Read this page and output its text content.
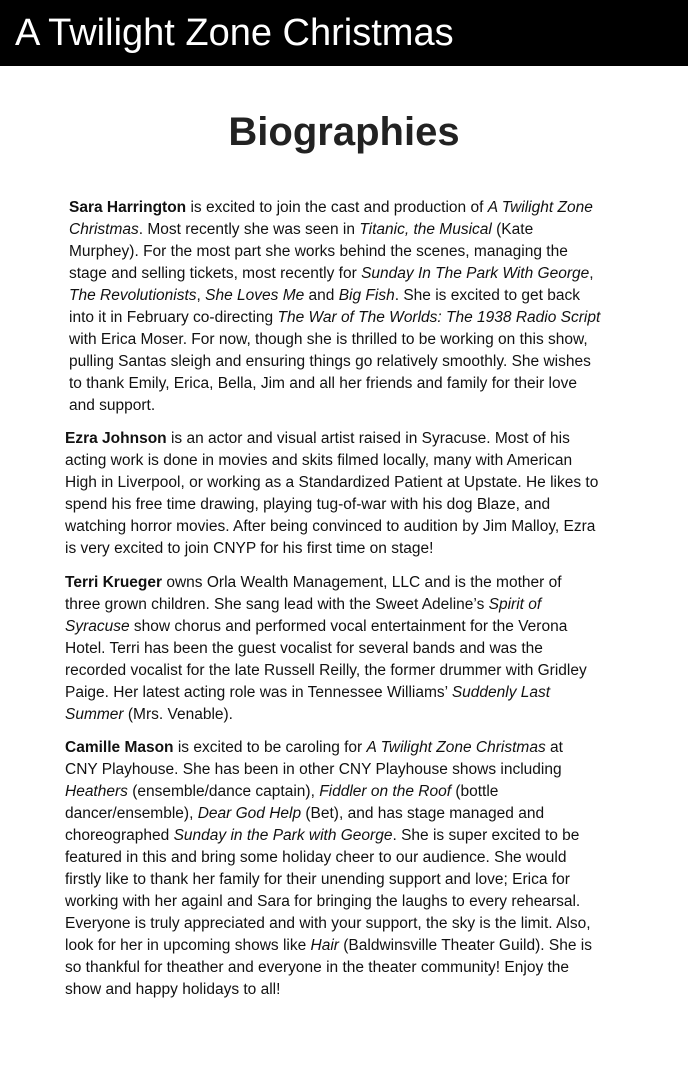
A Twilight Zone Christmas
Biographies

Sara Harrington is excited to join the cast and production of A Twilight Zone
Christmas. Most recently she was seen in Titanic, the Musical (Kate
Murphey). For the most part she works behind the scenes, managing the
stage and selling tickets, most recently for Sunday In The Park With George,
The Revolutionists, She Loves Me and Big Fish. She is excited to get back
into it in February co-directing The War of The Worlds: The 1938 Radio Script
with Erica Moser. For now, though she is thrilled to be working on this show,
pulling Santas sleigh and ensuring things go relatively smoothly. She wishes
to thank Emily, Erica, Bella, Jim and all her friends and family for their love
and support.

Ezra Johnson is an actor and visual artist raised in Syracuse. Most of his
acting work is done in movies and skits filmed locally, many with American
High in Liverpool, or working as a Standardized Patient at Upstate. He likes to
spend his free time drawing, playing tug-of-war with his dog Blaze, and
watching horror movies. After being convinced to audition by Jim Malloy, Ezra
is very excited to join CNYP for his first time on stage!

Terri Krueger owns Orla Wealth Management, LLC and is the mother of
three grown children. She sang lead with the Sweet Adeline’s Spirit of
Syracuse show chorus and performed vocal entertainment for the Verona
Hotel. Terri has been the guest vocalist for several bands and was the
recorded vocalist for the late Russell Reilly, the former drummer with Gridley
Paige. Her latest acting role was in Tennessee Williams’ Suddenly Last
Summer (Mrs. Venable).

Camille Mason is excited to be caroling for A Twilight Zone Christmas at
CNY Playhouse. She has been in other CNY Playhouse shows including
Heathers (ensemble/dance captain), Fiddler on the Roof (bottle
dancer/ensemble), Dear God Help (Bet), and has stage managed and
choreographed Sunday in the Park with George. She is super excited to be
featured in this and bring some holiday cheer to our audience. She would
firstly like to thank her family for their unending support and love; Erica for
working with her againl and Sara for bringing the laughs to every rehearsal.
Everyone is truly appreciated and with your support, the sky is the limit. Also,
look for her in upcoming shows like Hair (Baldwinsville Theater Guild). She is
so thankful for theather and everyone in the theater community! Enjoy the
show and happy holidays to all!
